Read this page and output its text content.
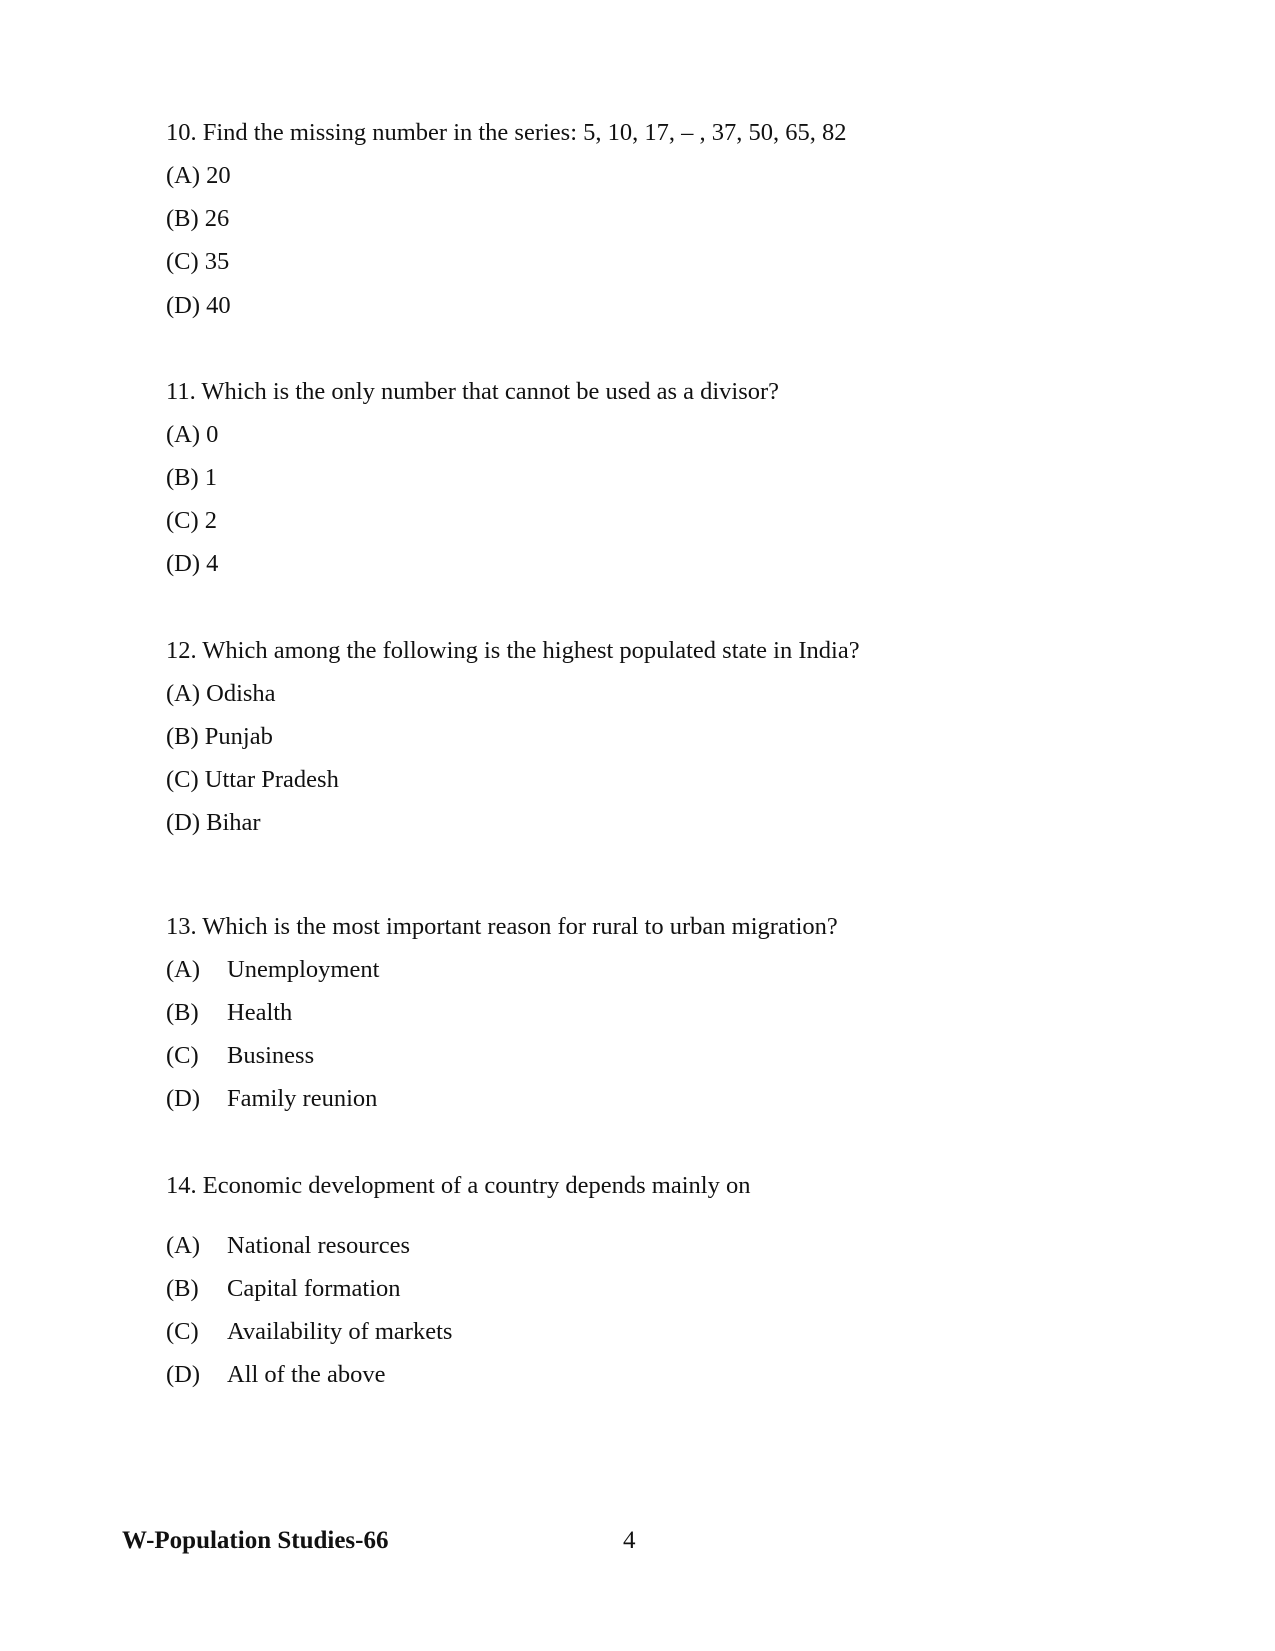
10. Find the missing number in the series: 5, 10, 17, – , 37, 50, 65, 82
(A) 20
(B) 26
(C) 35
(D) 40
11. Which is the only number that cannot be used as a divisor?
(A) 0
(B) 1
(C) 2
(D) 4
12. Which among the following is the highest populated state in India?
(A) Odisha
(B) Punjab
(C) Uttar Pradesh
(D) Bihar
13. Which is the most important reason for rural to urban migration?
(A) Unemployment
(B) Health
(C) Business
(D) Family reunion
14. Economic development of a country depends mainly on
(A) National resources
(B) Capital formation
(C) Availability of markets
(D) All of the above
W-Population Studies-66	4
